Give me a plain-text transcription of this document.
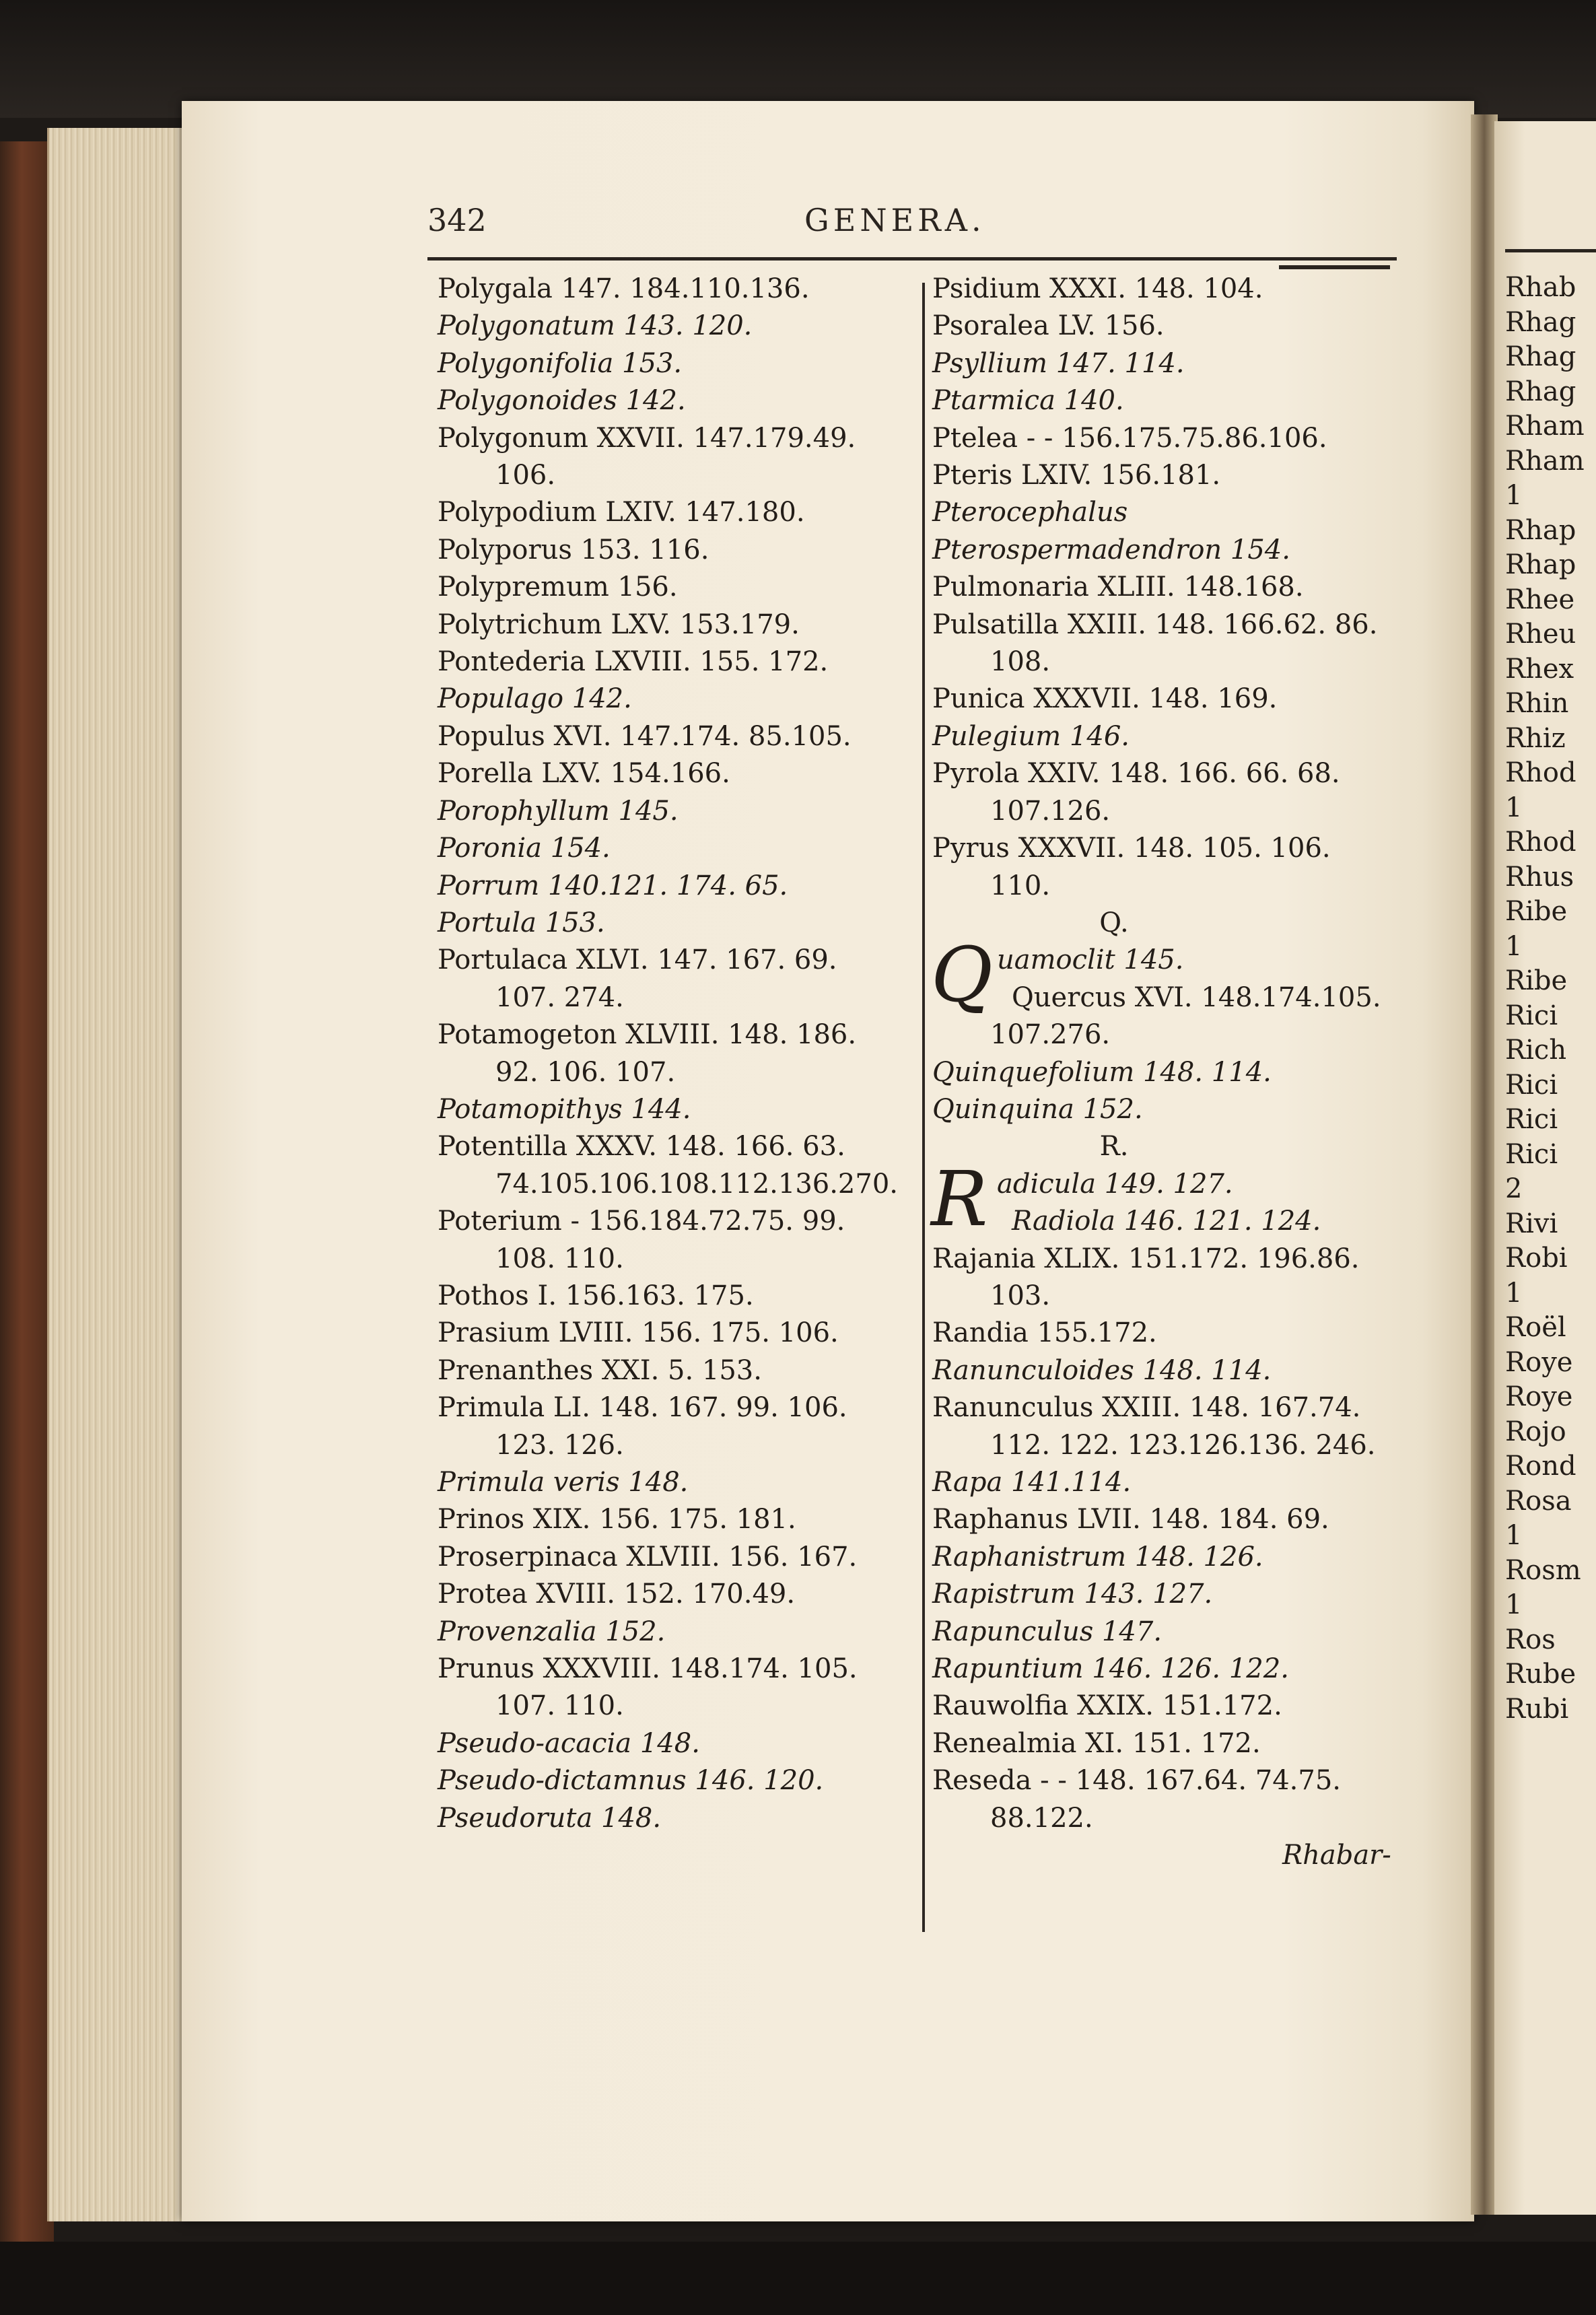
342	GENERA.
Polygala 147. 184.110.136.
Polygonatum 143. 120.
Polygonifolia 153.
Polygonoides 142.
Polygonum XXVII. 147.179.49.
106.
Polypodium LXIV. 147.180.
Polyporus 153. 116.
Polypremum 156.
Polytrichum LXV. 153.179.
Pontederia LXVIII. 155. 172.
Populago 142.
Populus XVI. 147.174. 85.105.
Porella LXV. 154.166.
Porophyllum 145.
Poronia 154.
Porrum 140.121. 174. 65.
Portula 153.
Portulaca XLVI. 147. 167. 69.
107. 274.
Potamogeton XLVIII. 148. 186.
92. 106. 107.
Potamopithys 144.
Potentilla XXXV. 148. 166. 63.
74.105.106.108.112.136.270.
Poterium - 156.184.72.75. 99.
108. 110.
Pothos I. 156.163. 175.
Prasium LVIII. 156. 175. 106.
Prenanthes XXI. 5. 153.
Primula LI. 148. 167. 99. 106.
123. 126.
Primula veris 148.
Prinos XIX. 156. 175. 181.
Proserpinaca XLVIII. 156. 167.
Protea XVIII. 152. 170.49.
Provenzalia 152.
Prunus XXXVIII. 148.174. 105.
107. 110.
Pseudo-acacia 148.
Pseudo-dictamnus 146. 120.
Pseudoruta 148.
Psidium XXXI. 148. 104.
Psoralea LV. 156.
Psyllium 147. 114.
Ptarmica 140.
Ptelea - - 156.175.75.86.106.
Pteris LXIV. 156.181.
Pterocephalus
Pterospermadendron 154.
Pulmonaria XLIII. 148.168.
Pulsatilla XXIII. 148. 166.62. 86.
108.
Punica XXXVII. 148. 169.
Pulegium 146.
Pyrola XXIV. 148. 166. 66. 68.
107.126.
Pyrus XXXVII. 148. 105. 106.
110.
Q.
Q uamoclit 145.
Quercus XVI. 148.174.105.
107.276.
Quinquefolium 148. 114.
Quinquina 152.
R.
R adicula 149. 127.
Radiola 146. 121. 124.
Rajania XLIX. 151.172. 196.86.
103.
Randia 155.172.
Ranunculoides 148. 114.
Ranunculus XXIII. 148. 167.74.
112. 122. 123.126.136. 246.
Rapa 141.114.
Raphanus LVII. 148. 184. 69.
Raphanistrum 148. 126.
Rapistrum 143. 127.
Rapunculus 147.
Rapuntium 146. 126. 122.
Rauwolfia XXIX. 151.172.
Renealmia XI. 151. 172.
Reseda - - 148. 167.64. 74.75.
88.122.
Rhabar-
Rhab
Rhag
Rhag
Rhag
Rham
Rham
1
Rhap
Rhap
Rhee
Rheu
Rhex
Rhin
Rhiz
Rhod
1
Rhod
Rhus
Ribe
1
Ribe
Rici
Rich
Rici
Rici
Rici
2
Rivi
Robi
1
Roël
Roye
Roye
Rojo
Rond
Rosa
1
Rosm
1
Ros
Rube
Rubi
